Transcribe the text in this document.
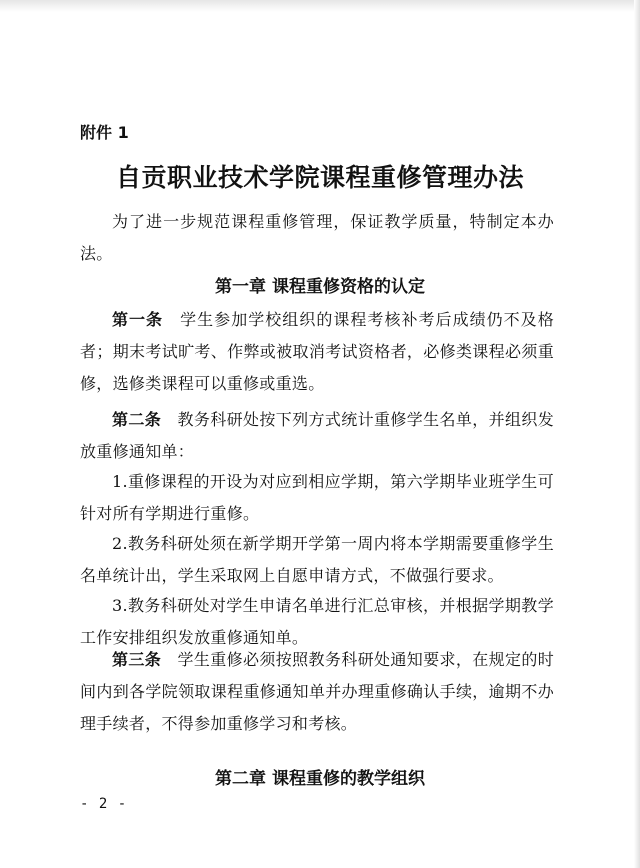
附件 1
自贡职业技术学院课程重修管理办法
为了进一步规范课程重修管理，保证教学质量，特制定本办法。
第一章 课程重修资格的认定
第一条  学生参加学校组织的课程考核补考后成绩仍不及格者；期末考试旷考、作弊或被取消考试资格者，必修类课程必须重修，选修类课程可以重修或重选。
第二条  教务科研处按下列方式统计重修学生名单，并组织发放重修通知单：
1.重修课程的开设为对应到相应学期，第六学期毕业班学生可针对所有学期进行重修。
2.教务科研处须在新学期开学第一周内将本学期需要重修学生名单统计出，学生采取网上自愿申请方式，不做强行要求。
3.教务科研处对学生申请名单进行汇总审核，并根据学期教学工作安排组织发放重修通知单。
第三条  学生重修必须按照教务科研处通知要求，在规定的时间内到各学院领取课程重修通知单并办理重修确认手续，逾期不办理手续者，不得参加重修学习和考核。
第二章 课程重修的教学组织
- 2 -
